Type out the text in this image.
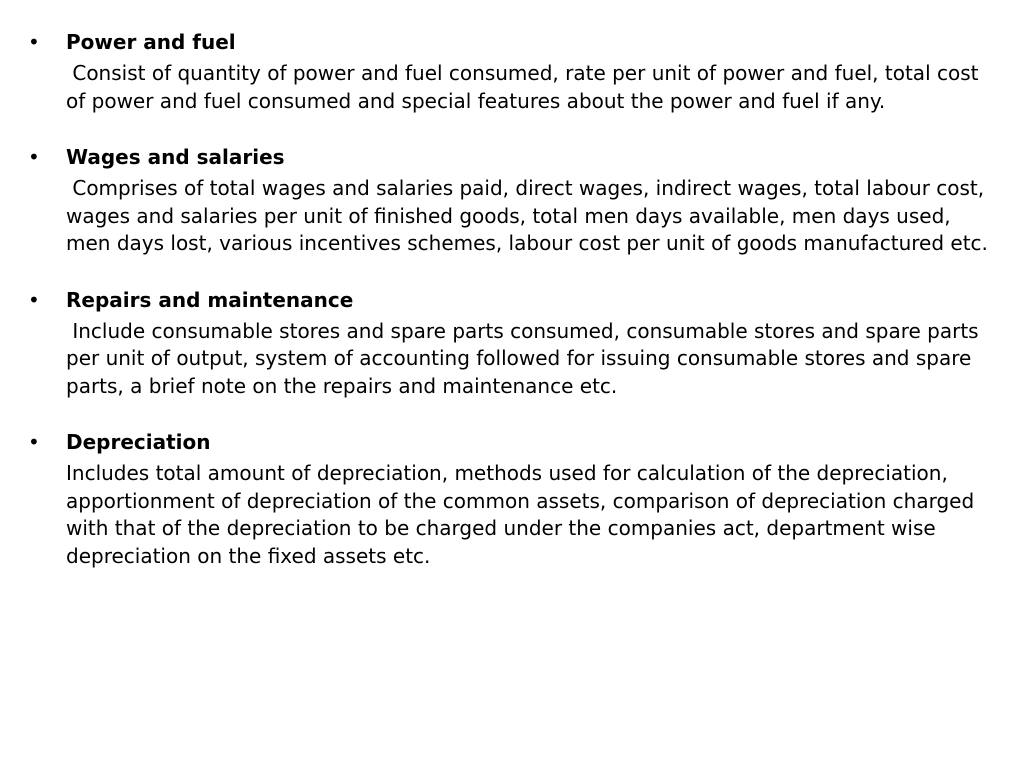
• Power and fuel

Consist of quantity of power and fuel consumed, rate per unit of power and fuel, total cost of power and fuel consumed and special features about the power and fuel if any.

• Wages and salaries

Comprises of total wages and salaries paid, direct wages, indirect wages, total labour cost, wages and salaries per unit of finished goods, total men days available, men days used, men days lost, various incentives schemes, labour cost per unit of goods manufactured etc.

• Repairs and maintenance

Include consumable stores and spare parts consumed, consumable stores and spare parts per unit of output, system of accounting followed for issuing consumable stores and spare parts, a brief note on the repairs and maintenance etc.

• Depreciation

Includes total amount of depreciation, methods used for calculation of the depreciation, apportionment of depreciation of the common assets, comparison of depreciation charged with that of the depreciation to be charged under the companies act, department wise depreciation on the fixed assets etc.
